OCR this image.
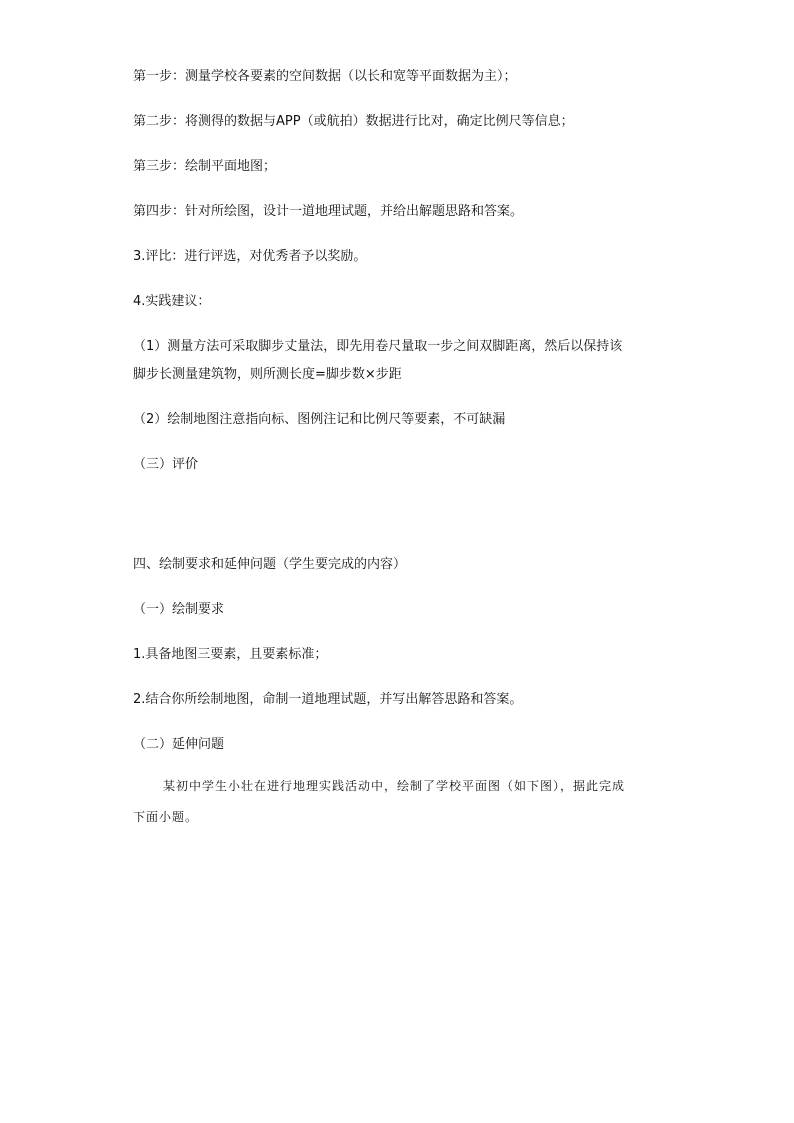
第一步：测量学校各要素的空间数据（以长和宽等平面数据为主）；

第二步：将测得的数据与APP（或航拍）数据进行比对，确定比例尺等信息；

第三步：绘制平面地图；

第四步：针对所绘图，设计一道地理试题，并给出解题思路和答案。

3.评比：进行评选，对优秀者予以奖励。

4.实践建议：

（1）测量方法可采取脚步丈量法，即先用卷尺量取一步之间双脚距离，然后以保持该

脚步长测量建筑物，则所测长度=脚步数×步距

（2）绘制地图注意指向标、图例注记和比例尺等要素，不可缺漏

（三）评价

四、绘制要求和延伸问题（学生要完成的内容）

（一）绘制要求

1.具备地图三要素，且要素标准；

2.结合你所绘制地图，命制一道地理试题，并写出解答思路和答案。

（二）延伸问题

某初中学生小壮在进行地理实践活动中，绘制了学校平面图（如下图），据此完成

下面小题。
